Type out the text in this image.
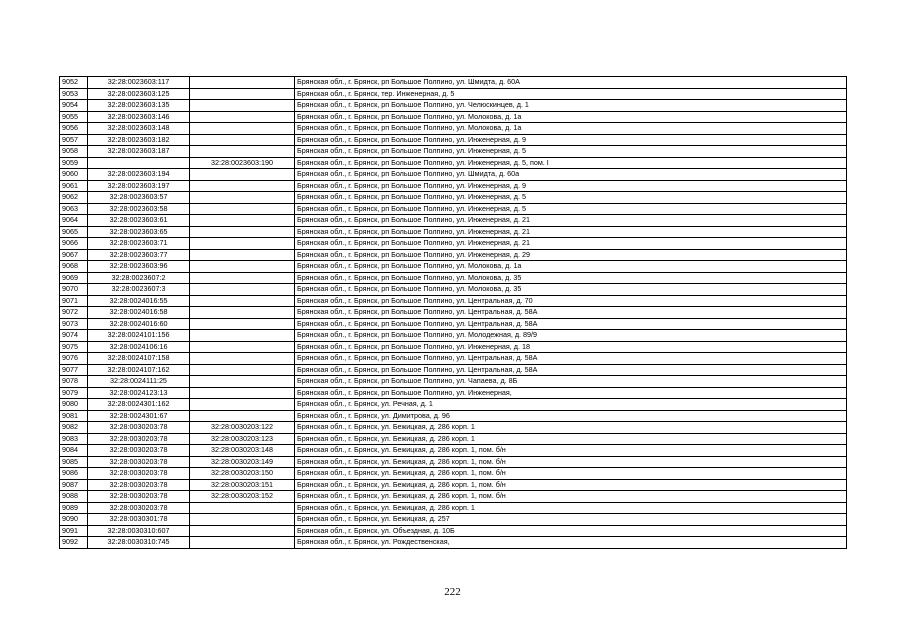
9052	32:28:0023603:117		Брянская обл., г. Брянск, рп Большое Полпино, ул. Шмидта, д. 60А
9053	32:28:0023603:125		Брянская обл., г. Брянск, тер. Инженерная, д. 5
9054	32:28:0023603:135		Брянская обл., г. Брянск, рп Большое Полпино, ул. Челюскинцев, д. 1
9055	32:28:0023603:146		Брянская обл., г. Брянск, рп Большое Полпино, ул. Молокова, д. 1а
9056	32:28:0023603:148		Брянская обл., г. Брянск, рп Большое Полпино, ул. Молокова, д. 1а
9057	32:28:0023603:182		Брянская обл., г. Брянск, рп Большое Полпино, ул. Инженерная, д. 9
9058	32:28:0023603:187		Брянская обл., г. Брянск, рп Большое Полпино, ул. Инженерная, д. 5
9059		32:28:0023603:190	Брянская обл., г. Брянск, рп Большое Полпино, ул. Инженерная, д. 5, пом. I
9060	32:28:0023603:194		Брянская обл., г. Брянск, рп Большое Полпино, ул. Шмидта, д. 60а
9061	32:28:0023603:197		Брянская обл., г. Брянск, рп Большое Полпино, ул. Инженерная, д. 9
9062	32:28:0023603:57		Брянская обл., г. Брянск, рп Большое Полпино, ул. Инженерная, д. 5
9063	32:28:0023603:58		Брянская обл., г. Брянск, рп Большое Полпино, ул. Инженерная, д. 5
9064	32:28:0023603:61		Брянская обл., г. Брянск, рп Большое Полпино, ул. Инженерная, д. 21
9065	32:28:0023603:65		Брянская обл., г. Брянск, рп Большое Полпино, ул. Инженерная, д. 21
9066	32:28:0023603:71		Брянская обл., г. Брянск, рп Большое Полпино, ул. Инженерная, д. 21
9067	32:28:0023603:77		Брянская обл., г. Брянск, рп Большое Полпино, ул. Инженерная, д. 29
9068	32:28:0023603:96		Брянская обл., г. Брянск, рп Большое Полпино, ул. Молокова, д. 1а
9069	32:28:0023607:2		Брянская обл., г. Брянск, рп Большое Полпино, ул. Молокова, д. 35
9070	32:28:0023607:3		Брянская обл., г. Брянск, рп Большое Полпино, ул. Молокова, д. 35
9071	32:28:0024016:55		Брянская обл., г. Брянск, рп Большое Полпино, ул. Центральная, д. 70
9072	32:28:0024016:58		Брянская обл., г. Брянск, рп Большое Полпино, ул. Центральная, д. 58А
9073	32:28:0024016:60		Брянская обл., г. Брянск, рп Большое Полпино, ул. Центральная, д. 58А
9074	32:28:0024101:156		Брянская обл., г. Брянск, рп Большое Полпино, ул. Молодежная, д. 89/9
9075	32:28:0024106:16		Брянская обл., г. Брянск, рп Большое Полпино, ул. Инженерная, д. 18
9076	32:28:0024107:158		Брянская обл., г. Брянск, рп Большое Полпино, ул. Центральная, д. 58А
9077	32:28:0024107:162		Брянская обл., г. Брянск, рп Большое Полпино, ул. Центральная, д. 58А
9078	32:28:0024111:25		Брянская обл., г. Брянск, рп Большое Полпино, ул. Чапаева, д. 8Б
9079	32:28:0024123:13		Брянская обл., г. Брянск, рп Большое Полпино, ул. Инженерная,
9080	32:28:0024301:162		Брянская обл., г. Брянск, ул. Речная, д. 1
9081	32:28:0024301:67		Брянская обл., г. Брянск, ул. Димитрова, д. 96
9082	32:28:0030203:78	32:28:0030203:122	Брянская обл., г. Брянск, ул. Бежицкая, д. 286 корп. 1
9083	32:28:0030203:78	32:28:0030203:123	Брянская обл., г. Брянск, ул. Бежицкая, д. 286 корп. 1
9084	32:28:0030203:78	32:28:0030203:148	Брянская обл., г. Брянск, ул. Бежицкая, д. 286 корп. 1, пом. б/н
9085	32:28:0030203:78	32:28:0030203:149	Брянская обл., г. Брянск, ул. Бежицкая, д. 286 корп. 1, пом. б/н
9086	32:28:0030203:78	32:28:0030203:150	Брянская обл., г. Брянск, ул. Бежицкая, д. 286 корп. 1, пом. б/н
9087	32:28:0030203:78	32:28:0030203:151	Брянская обл., г. Брянск, ул. Бежицкая, д. 286 корп. 1, пом. б/н
9088	32:28:0030203:78	32:28:0030203:152	Брянская обл., г. Брянск, ул. Бежицкая, д. 286 корп. 1, пом. б/н
9089	32:28:0030203:78		Брянская обл., г. Брянск, ул. Бежицкая, д. 286 корп. 1
9090	32:28:0030301:78		Брянская обл., г. Брянск, ул. Бежицкая, д. 257
9091	32:28:0030310:607		Брянская обл., г. Брянск, ул. Объездная, д. 10Б
9092	32:28:0030310:745		Брянская обл., г. Брянск, ул. Рождественская,
222
